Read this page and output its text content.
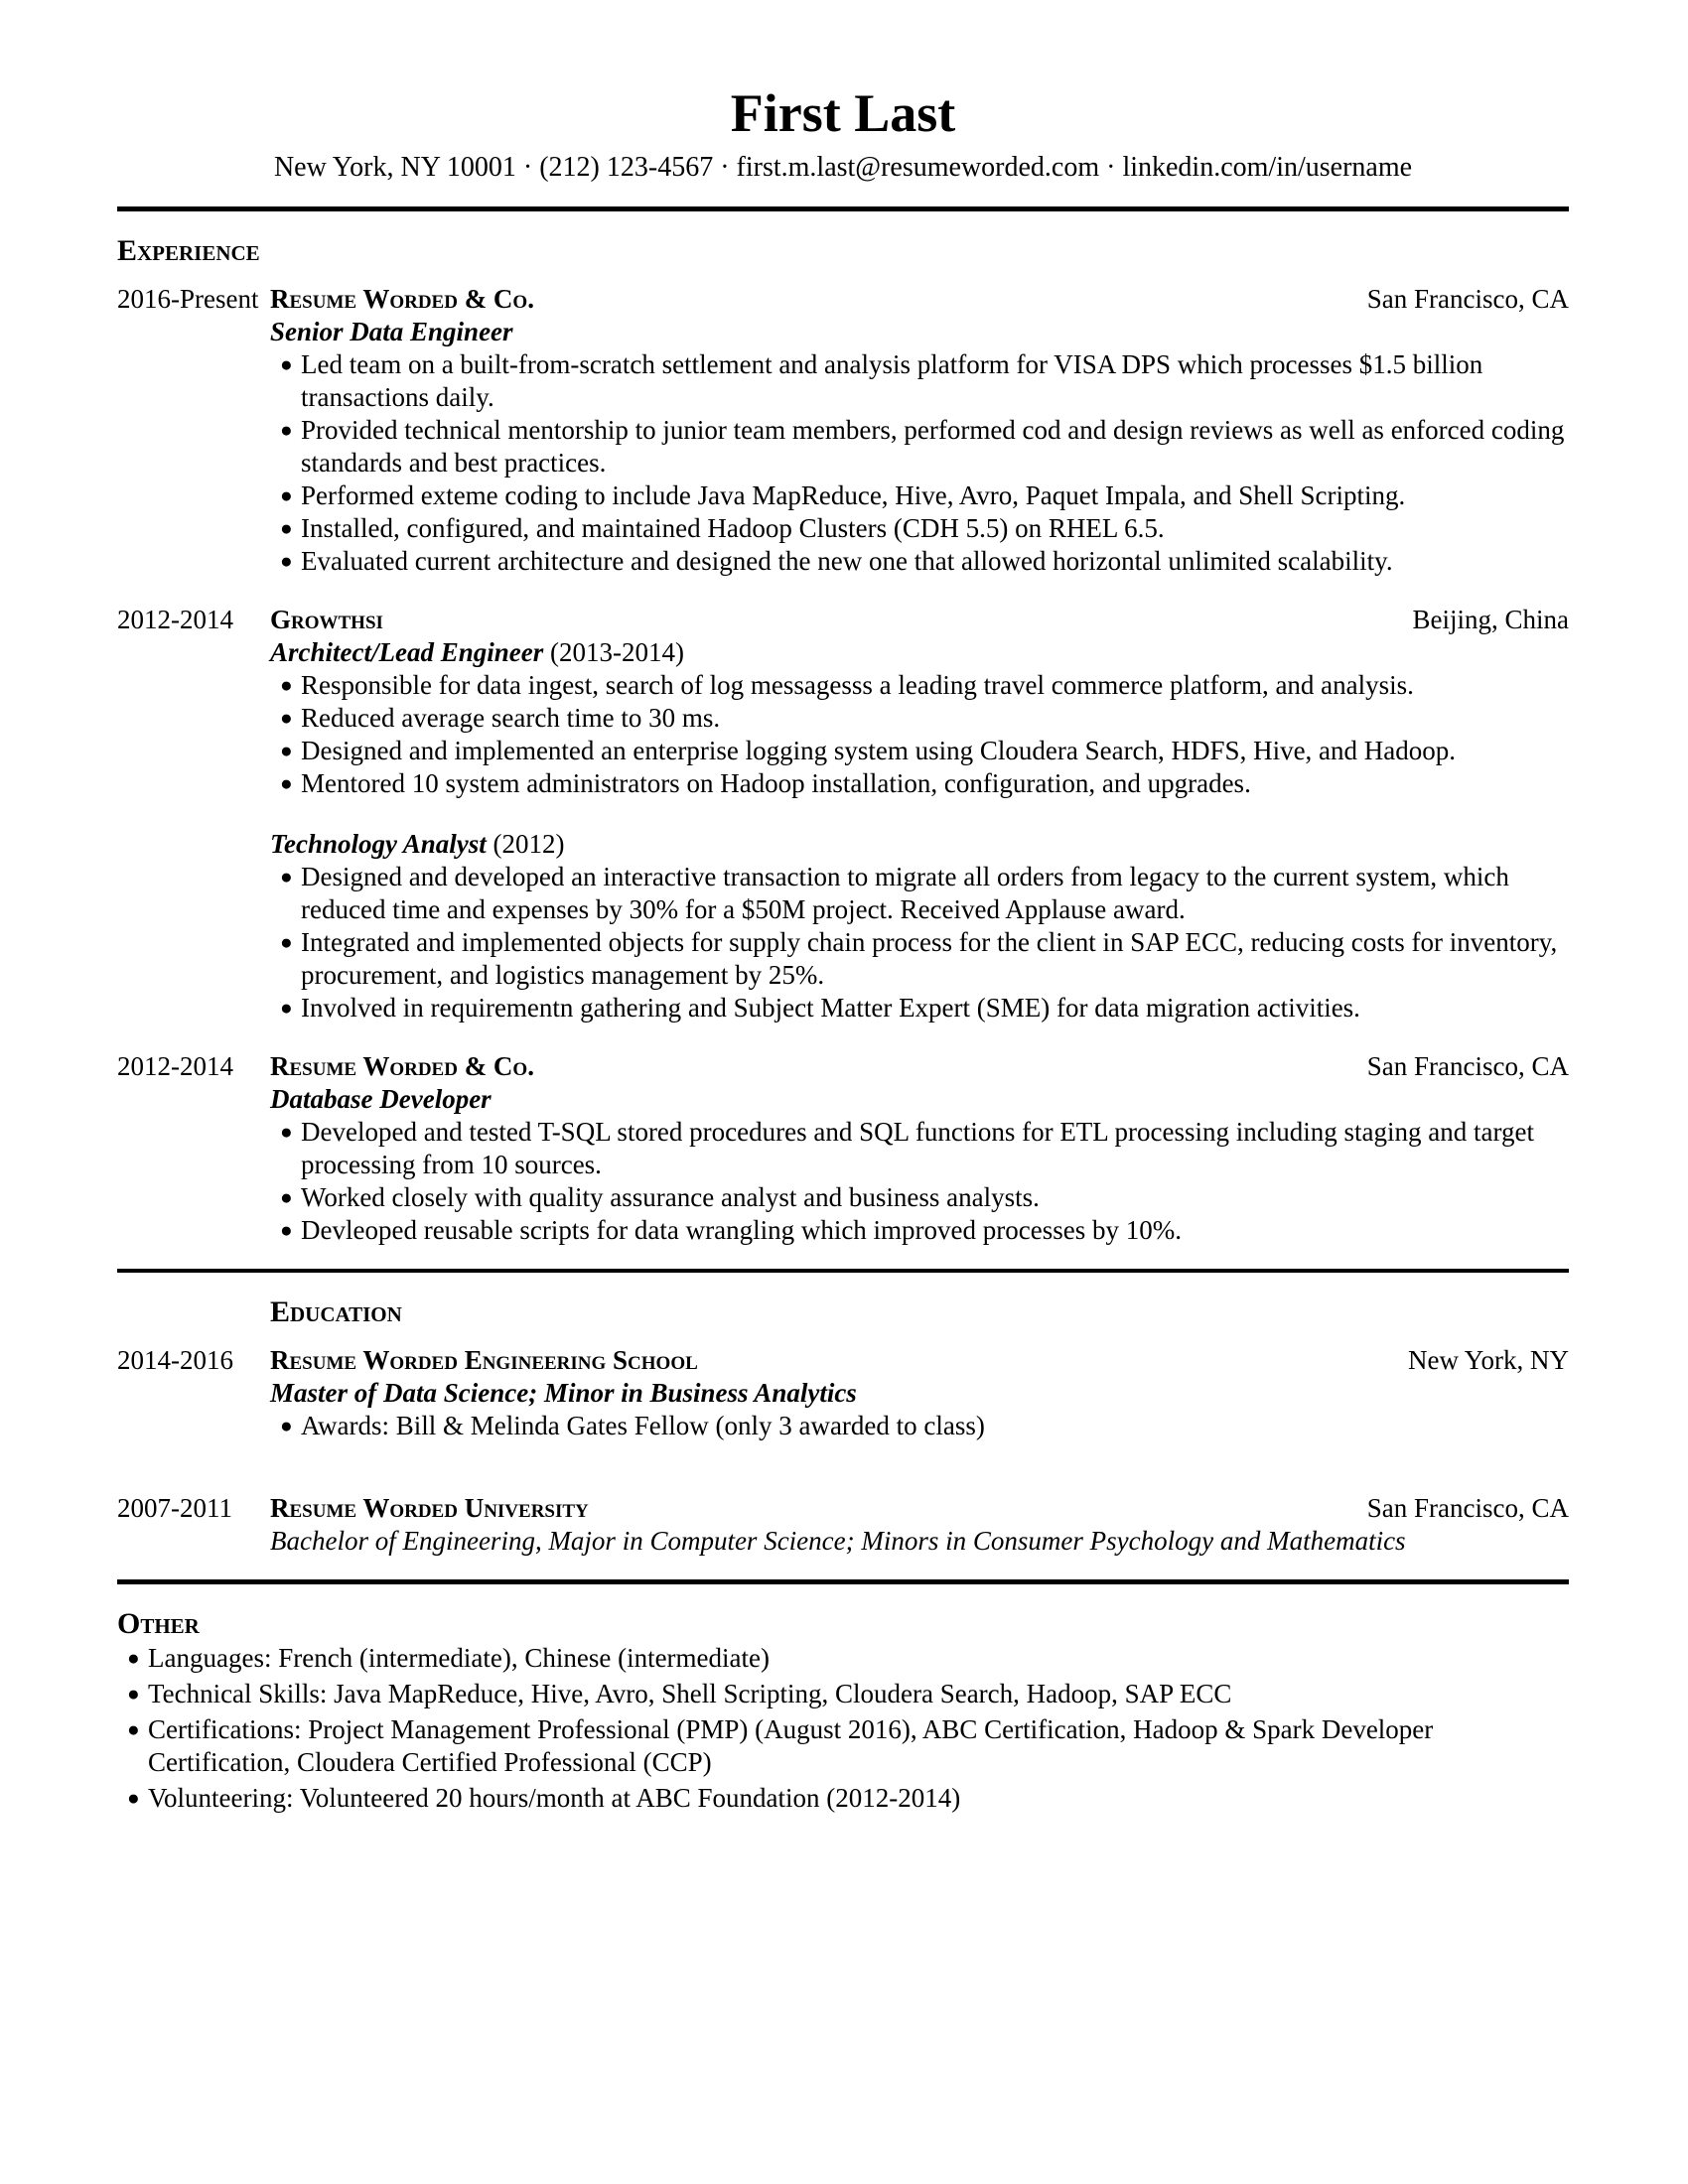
First Last
New York, NY 10001 · (212) 123-4567 · first.m.last@resumeworded.com · linkedin.com/in/username
Experience
2016-Present Resume Worded & Co.	San Francisco, CA

Senior Data Engineer

● Led team on a built-from-scratch settlement and analysis platform for VISA DPS which processes $1.5 billion transactions daily.
● Provided technical mentorship to junior team members, performed cod and design reviews as well as enforced coding standards and best practices.
● Performed exteme coding to include Java MapReduce, Hive, Avro, Paquet Impala, and Shell Scripting.
● Installed, configured, and maintained Hadoop Clusters (CDH 5.5) on RHEL 6.5.
● Evaluated current architecture and designed the new one that allowed horizontal unlimited scalability.
2012-2014	Growthsi	Beijing, China

Architect/Lead Engineer (2013-2014)

● Responsible for data ingest, search of log messagesss a leading travel commerce platform, and analysis.
● Reduced average search time to 30 ms.
● Designed and implemented an enterprise logging system using Cloudera Search, HDFS, Hive, and Hadoop.
● Mentored 10 system administrators on Hadoop installation, configuration, and upgrades.

Technology Analyst (2012)

● Designed and developed an interactive transaction to migrate all orders from legacy to the current system, which reduced time and expenses by 30% for a $50M project. Received Applause award.
● Integrated and implemented objects for supply chain process for the client in SAP ECC, reducing costs for inventory, procurement, and logistics management by 25%.
● Involved in requirementn gathering and Subject Matter Expert (SME) for data migration activities.
2012-2014	Resume Worded & Co.	San Francisco, CA

Database Developer

● Developed and tested T-SQL stored procedures and SQL functions for ETL processing including staging and target processing from 10 sources.
● Worked closely with quality assurance analyst and business analysts.
● Devleoped reusable scripts for data wrangling which improved processes by 10%.
Education
2014-2016	Resume Worded Engineering School	New York, NY

Master of Data Science; Minor in Business Analytics

● Awards: Bill & Melinda Gates Fellow (only 3 awarded to class)
2007-2011	Resume Worded University	San Francisco, CA

Bachelor of Engineering, Major in Computer Science; Minors in Consumer Psychology and Mathematics

Other
● Languages: French (intermediate), Chinese (intermediate)
● Technical Skills: Java MapReduce, Hive, Avro, Shell Scripting, Cloudera Search, Hadoop, SAP ECC
● Certifications: Project Management Professional (PMP) (August 2016), ABC Certification, Hadoop & Spark Developer Certification, Cloudera Certified Professional (CCP)
● Volunteering: Volunteered 20 hours/month at ABC Foundation (2012-2014)
